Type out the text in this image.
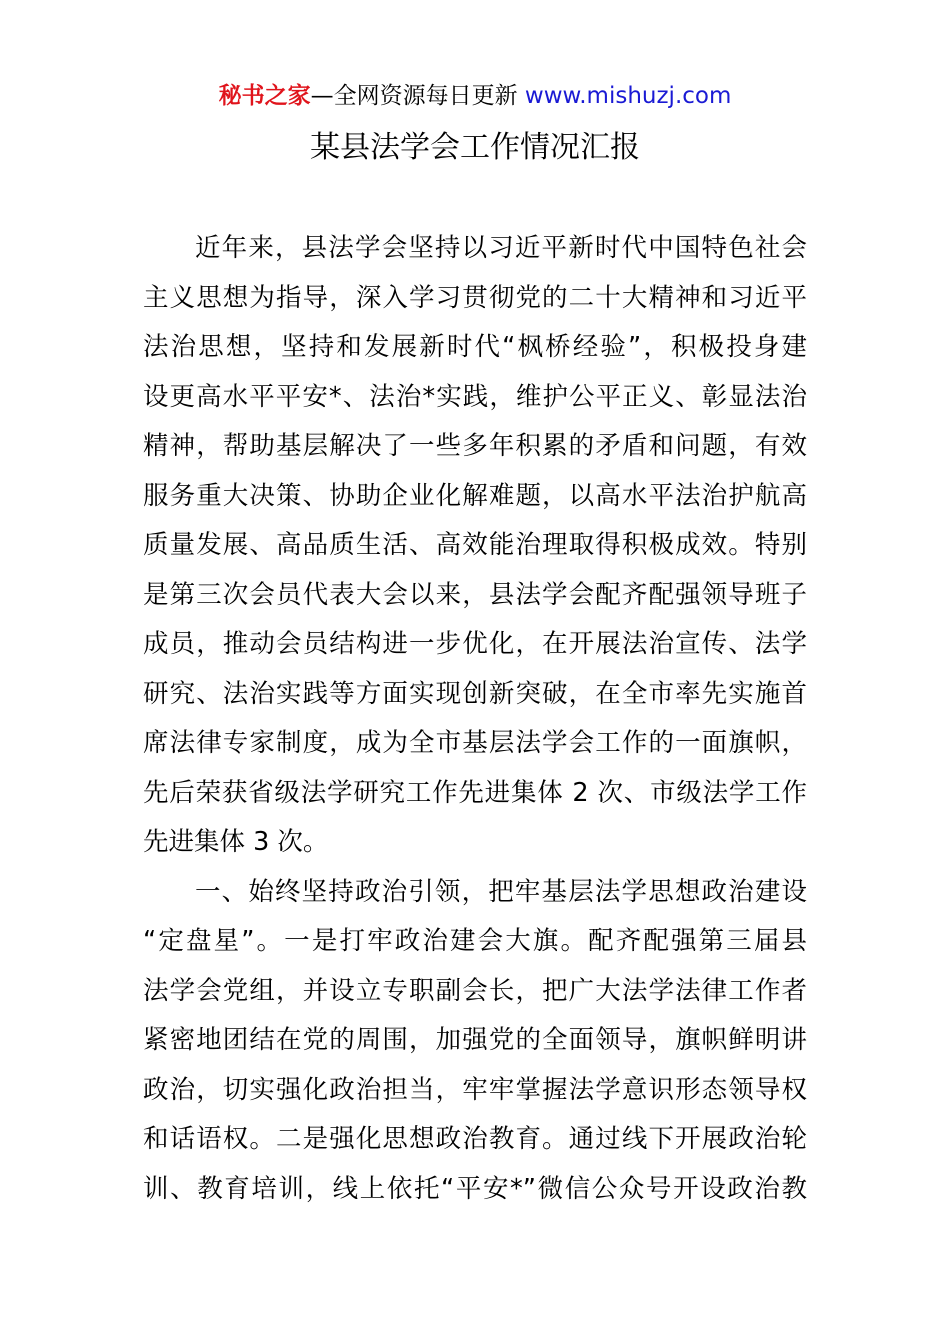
秘书之家—全网资源每日更新 www.mishuzj.com
某县法学会工作情况汇报
近年来，县法学会坚持以习近平新时代中国特色社会
主义思想为指导，深入学习贯彻党的二十大精神和习近平
法治思想，坚持和发展新时代“枫桥经验”，积极投身建
设更高水平平安*、法治*实践，维护公平正义、彰显法治
精神，帮助基层解决了一些多年积累的矛盾和问题，有效
服务重大决策、协助企业化解难题，以高水平法治护航高
质量发展、高品质生活、高效能治理取得积极成效。特别
是第三次会员代表大会以来，县法学会配齐配强领导班子
成员，推动会员结构进一步优化，在开展法治宣传、法学
研究、法治实践等方面实现创新突破，在全市率先实施首
席法律专家制度，成为全市基层法学会工作的一面旗帜，
先后荣获省级法学研究工作先进集体 2 次、市级法学工作
先进集体 3 次。
一、始终坚持政治引领，把牢基层法学思想政治建设
“定盘星”。一是打牢政治建会大旗。配齐配强第三届县
法学会党组，并设立专职副会长，把广大法学法律工作者
紧密地团结在党的周围，加强党的全面领导，旗帜鲜明讲
政治，切实强化政治担当，牢牢掌握法学意识形态领导权
和话语权。二是强化思想政治教育。通过线下开展政治轮
训、教育培训，线上依托“平安*”微信公众号开设政治教
